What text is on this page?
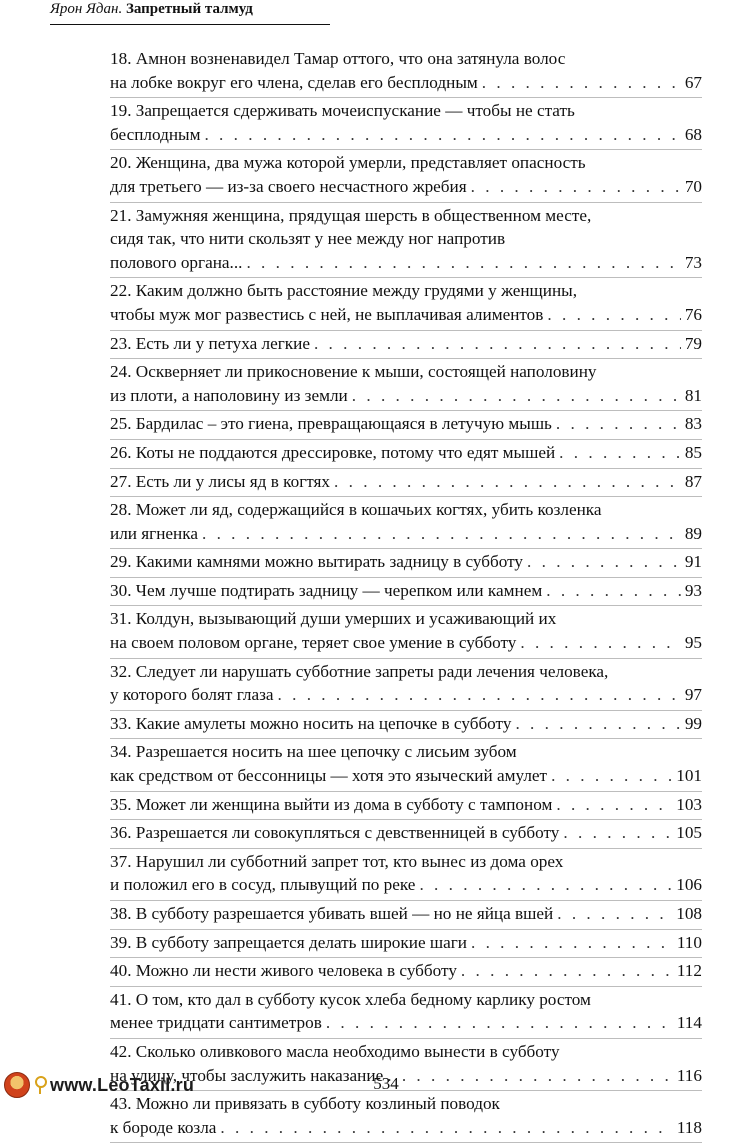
Ярон Ядан. Запретный талмуд
18. Амнон возненавидел Тамар оттого, что она затянула волос
на лобке вокруг его члена, сделав его бесплодным . . .	67
19. Запрещается сдерживать мочеиспускание — чтобы не стать
бесплодным . . .	68
20. Женщина, два мужа которой умерли, представляет опасность
для третьего — из-за своего несчастного жребия . . .	70
21. Замужняя женщина, прядущая шерсть в общественном месте,
сидя так, что нити скользят у нее между ног напротив
полового органа... . . .	73
22. Каким должно быть расстояние между грудями у женщины,
чтобы муж мог развестись с ней, не выплачивая алиментов . . .	76
23. Есть ли у петуха легкие . . .	79
24. Оскверняет ли прикосновение к мыши, состоящей наполовину
из плоти, а наполовину из земли . . .	81
25. Бардилас – это гиена, превращающаяся в летучую мышь . . .	83
26. Коты не поддаются дрессировке, потому что едят мышей . . .	85
27. Есть ли у лисы яд в когтях . . .	87
28. Может ли яд, содержащийся в кошачьих когтях, убить козленка
или ягненка . . .	89
29. Какими камнями можно вытирать задницу в субботу . . .	91
30. Чем лучше подтирать задницу — черепком или камнем . . .	93
31. Колдун, вызывающий души умерших и усаживающий их
на своем половом органе, теряет свое умение в субботу . . .	95
32. Следует ли нарушать субботние запреты ради лечения человека,
у которого болят глаза . . .	97
33. Какие амулеты можно носить на цепочке в субботу . . .	99
34. Разрешается носить на шее цепочку с лисьим зубом
как средством от бессонницы — хотя это языческий амулет . . .	101
35. Может ли женщина выйти из дома в субботу с тампоном . . .	103
36. Разрешается ли совокупляться с девственницей в субботу . . .	105
37. Нарушил ли субботний запрет тот, кто вынес из дома орех
и положил его в сосуд, плывущий по реке . . .	106
38. В субботу разрешается убивать вшей — но не яйца вшей . . .	108
39. В субботу запрещается делать широкие шаги . . .	110
40. Можно ли нести живого человека в субботу . . .	112
41. О том, кто дал в субботу кусок хлеба бедному карлику ростом
менее тридцати сантиметров . . .	114
42. Сколько оливкового масла необходимо вынести в субботу
на улицу, чтобы заслужить наказание . . .	116
43. Можно ли привязать в субботу козлиный поводок
к бороде козла . . .	118
www.LeoTaxil.ru	534
